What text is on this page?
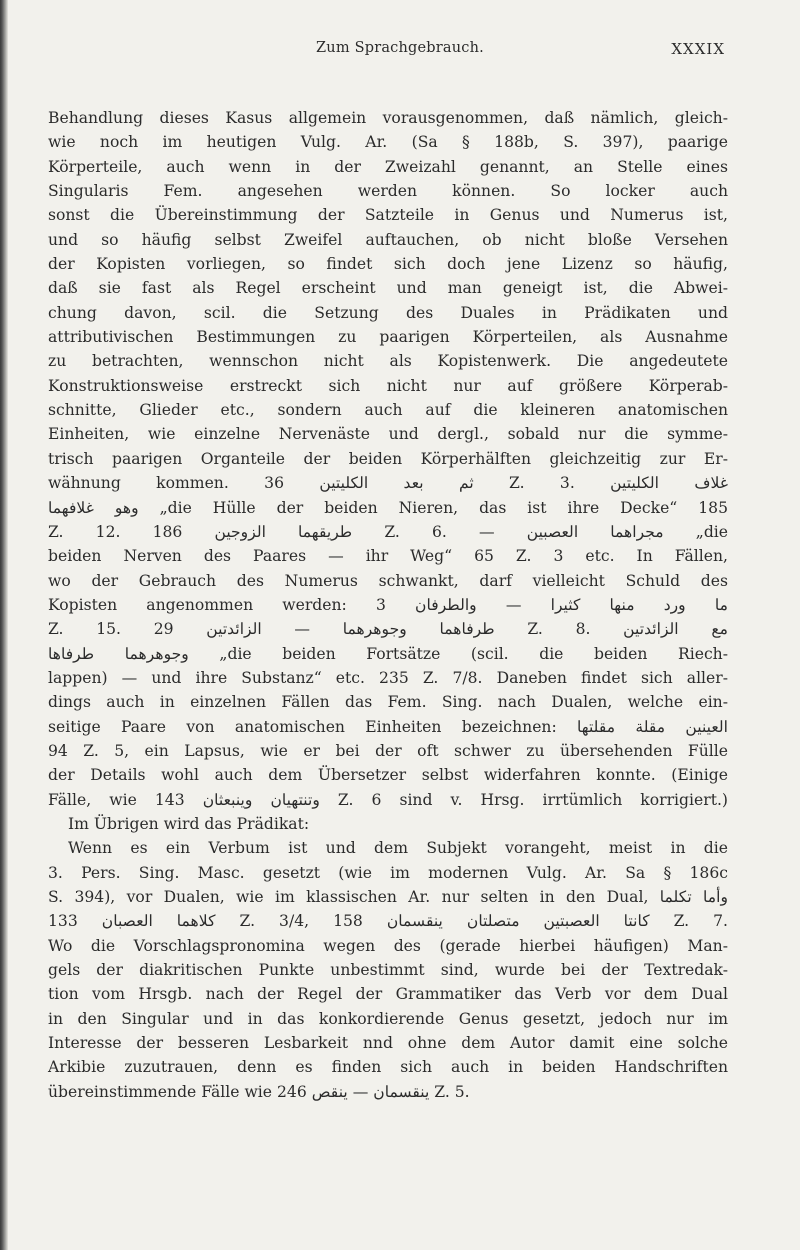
Zum Sprachgebrauch.	XXXIX
Behandlung dieses Kasus allgemein vorausgenommen, daß nämlich, gleich-
wie noch im heutigen Vulg. Ar. (Sa § 188b, S. 397), paarige
Körperteile, auch wenn in der Zweizahl genannt, an Stelle eines
Singularis Fem. angesehen werden können. So locker auch
sonst die Übereinstimmung der Satzteile in Genus und Numerus ist,
und so häufig selbst Zweifel auftauchen, ob nicht bloße Versehen
der Kopisten vorliegen, so findet sich doch jene Lizenz so häufig,
daß sie fast als Regel erscheint und man geneigt ist, die Abwei-
chung davon, scil. die Setzung des Duales in Prädikaten und
attributivischen Bestimmungen zu paarigen Körperteilen, als Ausnahme
zu betrachten, wennschon nicht als Kopistenwerk. Die angedeutete
Konstruktionsweise erstreckt sich nicht nur auf größere Körperab-
schnitte, Glieder etc., sondern auch auf die kleineren anatomischen
Einheiten, wie einzelne Nervenäste und dergl., sobald nur die symme-
trisch paarigen Organteile der beiden Körperhälften gleichzeitig zur Er-
wähnung kommen. ثم بعد الكليتين 36 Z. 3. غلاف الكليتين
وهو غلافهما „die Hülle der beiden Nieren, das ist ihre Decke“ 185
Z. 12. طريقهما الزوجين 186 Z. 6. — مجراهما العصبين „die
beiden Nerven des Paares — ihr Weg“ 65 Z. 3 etc. In Fällen,
wo der Gebrauch des Numerus schwankt, darf vielleicht Schuld des
Kopisten angenommen werden: ما ورد منها كثيرا — والطرفان 3
Z. 15. طرفاهما وجوهرهما — الزائدتين 29 Z. 8. مع الزائدتين
وجوهرهما طرفاها „die beiden Fortsätze (scil. die beiden Riech-
lappen) — und ihre Substanz“ etc. 235 Z. 7/8. Daneben findet sich aller-
dings auch in einzelnen Fällen das Fem. Sing. nach Dualen, welche ein-
seitige Paare von anatomischen Einheiten bezeichnen: العينين مقلة مقلتها
94 Z. 5, ein Lapsus, wie er bei der oft schwer zu übersehenden Fülle
der Details wohl auch dem Übersetzer selbst widerfahren konnte. (Einige
Fälle, wie وتنتهيان وينبعثان 143 Z. 6 sind v. Hrsg. irrtümlich korrigiert.)
Im Übrigen wird das Prädikat:
Wenn es ein Verbum ist und dem Subjekt vorangeht, meist in die
3. Pers. Sing. Masc. gesetzt (wie im modernen Vulg. Ar. Sa § 186c
S. 394), vor Dualen, wie im klassischen Ar. nur selten in den Dual, وأما تكلما
كلاهما العصبان 133 Z. 3/4, كانتا العصبتين متصلتان ينقسمان 158 Z. 7.
Wo die Vorschlagspronomina wegen des (gerade hierbei häufigen) Man-
gels der diakritischen Punkte unbestimmt sind, wurde bei der Textredak-
tion vom Hrsgb. nach der Regel der Grammatiker das Verb vor dem Dual
in den Singular und in das konkordierende Genus gesetzt, jedoch nur im
Interesse der besseren Lesbarkeit nnd ohne dem Autor damit eine solche
Arkibie zuzutrauen, denn es finden sich auch in beiden Handschriften
übereinstimmende Fälle wie ينقسمان — ينقص 246 Z. 5.
